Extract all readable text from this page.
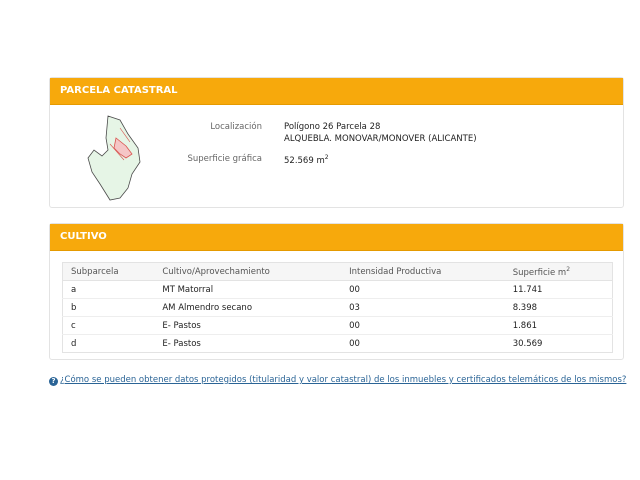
PARCELA CATASTRAL
Localización	Polígono 26 Parcela 28
ALQUEBLA. MONOVAR/MONOVER (ALICANTE)
Superficie gráfica	52.569 $m^2$
CULTIVO
Subparcela	Cultivo/Aprovechamiento	Intensidad Productiva	Superficie $m^2$
a	MT Matorral	00	11.741
b	AM Almendro secano	03	8.398
c	E- Pastos	00	1.861
d	E- Pastos	00	30.569
? ¿Cómo se pueden obtener datos protegidos (titularidad y valor catastral) de los inmuebles y certificados telemáticos de los mismos?
